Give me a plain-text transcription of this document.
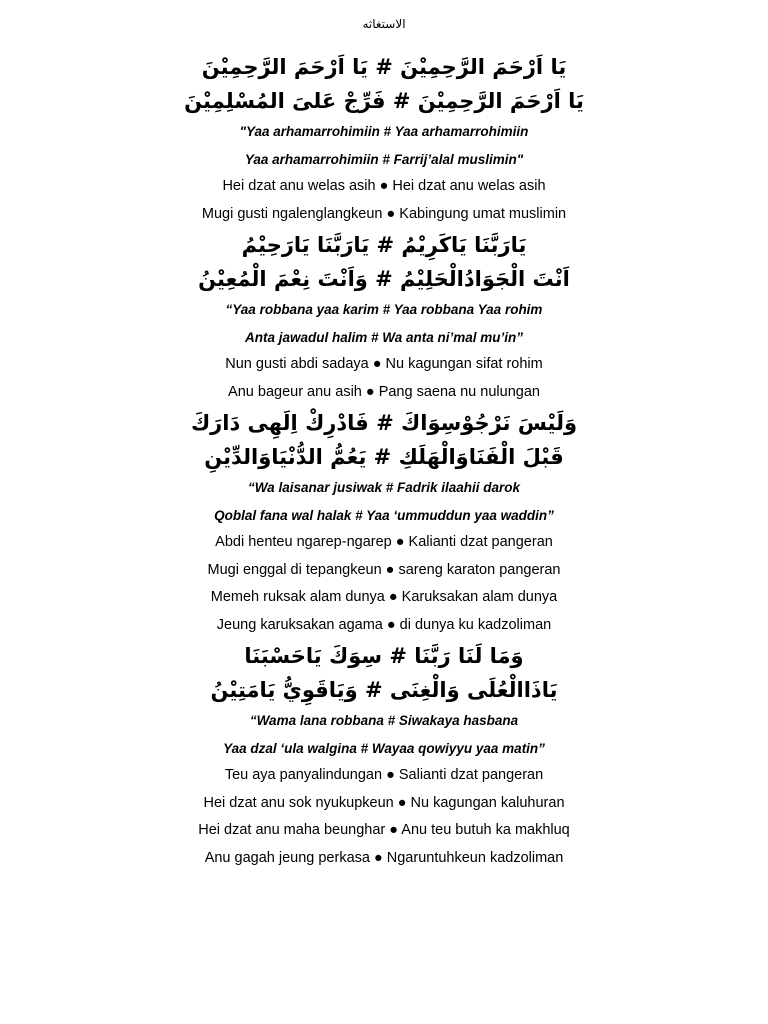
الاستغاثه

يَا اَرْحَمَ الرَّحِمِيْنَ # يَا اَرْحَمَ الرَّحِمِيْنَ

يَا اَرْحَمَ الرَّحِمِيْنَ # فَرِّجْ عَلىَ المُسْلِمِيْنَ

"Yaa arhamarrohimiin # Yaa arhamarrohimiin

Yaa arhamarrohimiin # Farrij’alal muslimin"

Hei dzat anu welas asih ● Hei dzat anu welas asih

Mugi gusti ngalenglangkeun ● Kabingung umat muslimin

يَارَبَّنَا يَاكَرِيْمُ # يَارَبَّنَا يَارَحِيْمُ

اَنْتَ الْجَوَادُالْحَلِيْمُ # وَاَنْتَ نِعْمَ الْمُعِيْنُ

“Yaa robbana yaa karim # Yaa robbana Yaa rohim

Anta jawadul halim # Wa anta ni’mal mu’in”

Nun gusti abdi sadaya ● Nu kagungan sifat rohim

Anu bageur anu asih ● Pang saena nu nulungan

وَلَيْسَ نَرْجُوْسِوَاكَ # فَادْرِكْ اِلَهِى دَارَكَ

قَبْلَ الْفَنَاوَالْهَلَكِ # يَعُمُّ الدُّنْيَاوَالدِّيْنِ

“Wa laisanar jusiwak # Fadrik ilaahii darok

Qoblal fana wal halak # Yaa ‘ummuddun yaa waddin”

Abdi henteu ngarep-ngarep ● Kalianti dzat pangeran

Mugi enggal di tepangkeun ● sareng karaton pangeran

Memeh ruksak alam dunya ● Karuksakan alam dunya

Jeung karuksakan agama ● di dunya ku kadzoliman

وَمَا لَنَا رَبَّنَا # سِوَكَ يَاحَسْبَنَا

يَاذَاالْعُلَى وَالْغِنَى # وَيَاقَوِيُّ يَامَتِيْنُ

“Wama lana robbana # Siwakaya hasbana

Yaa dzal ‘ula walgina # Wayaa qowiyyu yaa matin”

Teu aya panyalindungan ● Salianti dzat pangeran

Hei dzat anu sok nyukupkeun ● Nu kagungan kaluhuran

Hei dzat anu maha beunghar ● Anu teu butuh ka makhluq

Anu gagah jeung perkasa ● Ngaruntuhkeun kadzoliman
